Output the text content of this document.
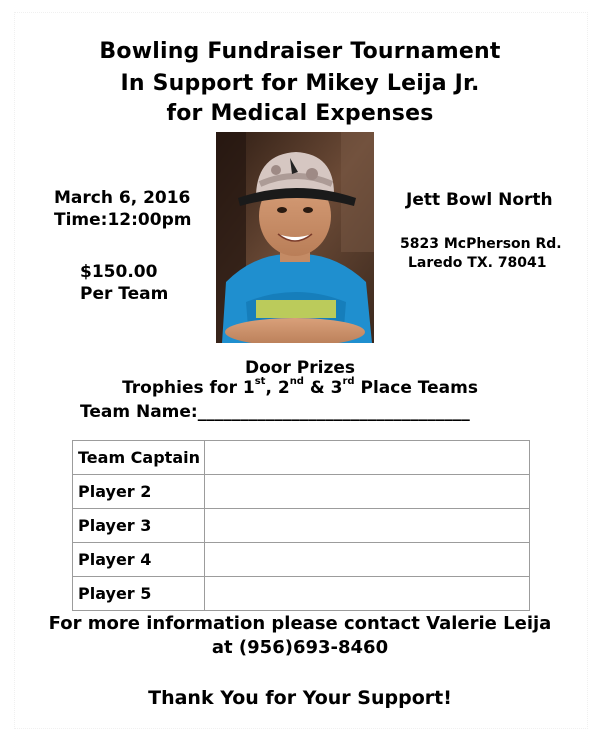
Bowling Fundraiser Tournament
In Support for Mikey Leija Jr.
for Medical Expenses
March 6, 2016
Time:12:00pm
$150.00
Per Team
Jett Bowl North
5823 McPherson Rd.
Laredo TX. 78041
Door Prizes
Trophies for 1st, 2nd & 3rd Place Teams
Team Name:________________________________
Team Captain	
Player 2	
Player 3	
Player 4	
Player 5	
For more information please contact Valerie Leija
at (956)693-8460
Thank You for Your Support!
